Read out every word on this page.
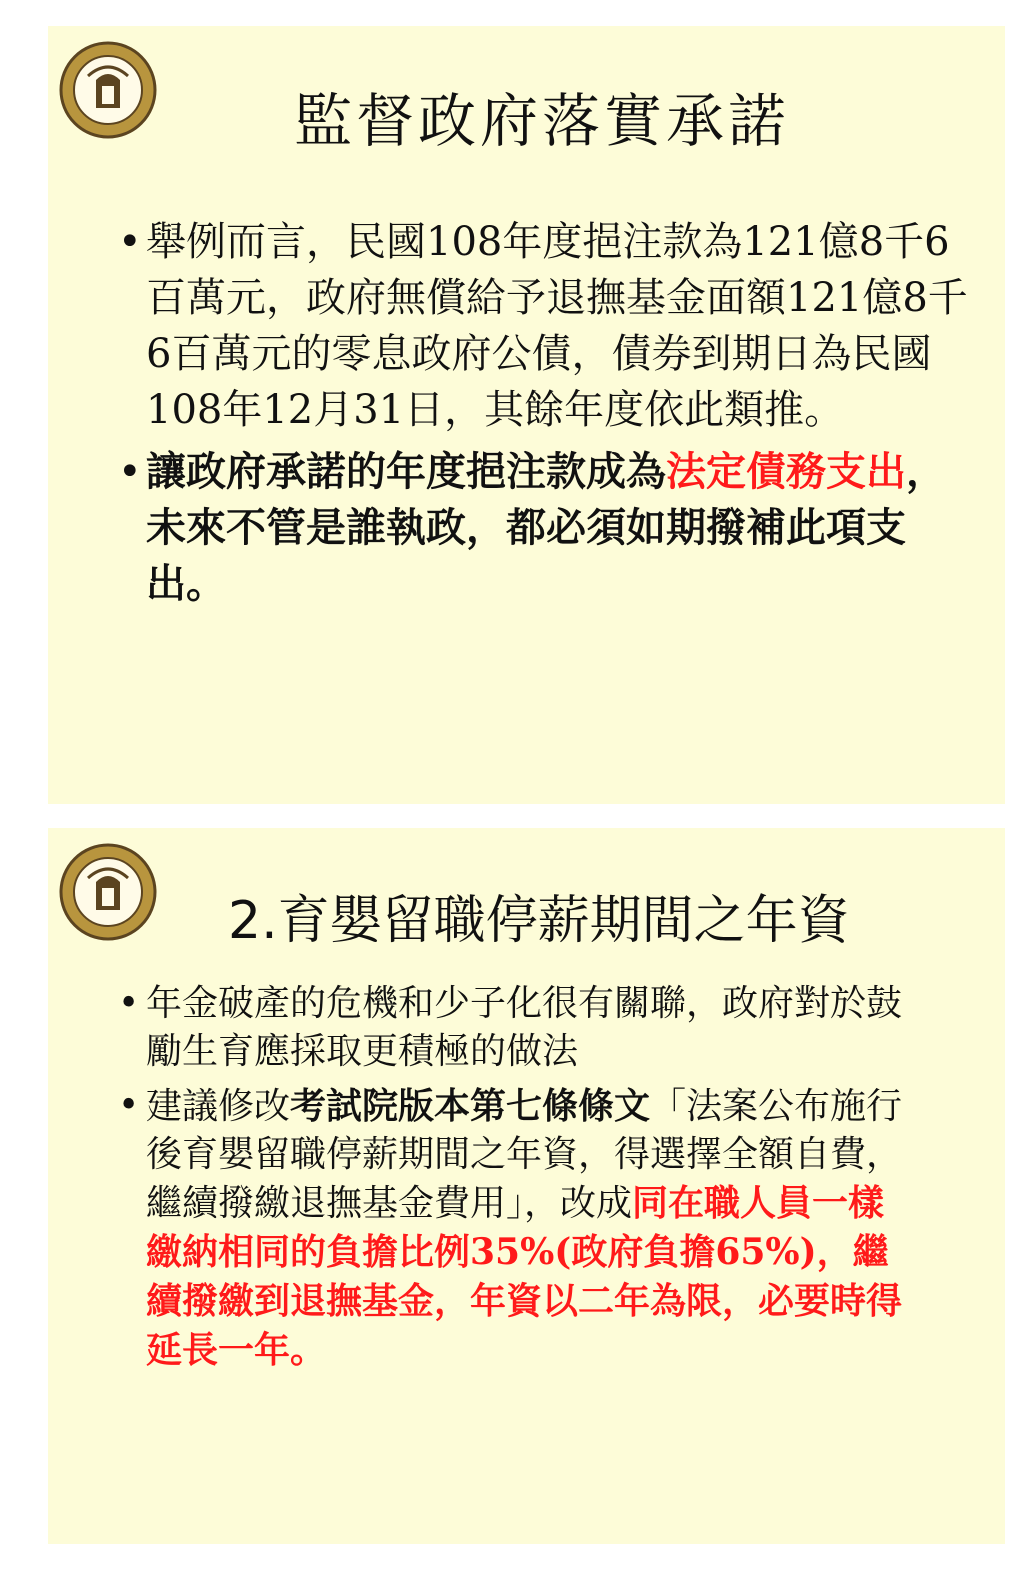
監督政府落實承諾
• 舉例而言，民國108年度挹注款為121億8千6百萬元，政府無償給予退撫基金面額121億8千6百萬元的零息政府公債，債券到期日為民國108年12月31日，其餘年度依此類推。
• 讓政府承諾的年度挹注款成為法定債務支出，未來不管是誰執政，都必須如期撥補此項支出。
2.育嬰留職停薪期間之年資
• 年金破產的危機和少子化很有關聯，政府對於鼓勵生育應採取更積極的做法
• 建議修改考試院版本第七條條文「法案公布施行後育嬰留職停薪期間之年資，得選擇全額自費，繼續撥繳退撫基金費用」，改成同在職人員一樣繳納相同的負擔比例35%(政府負擔65%)，繼續撥繳到退撫基金，年資以二年為限，必要時得延長一年。
